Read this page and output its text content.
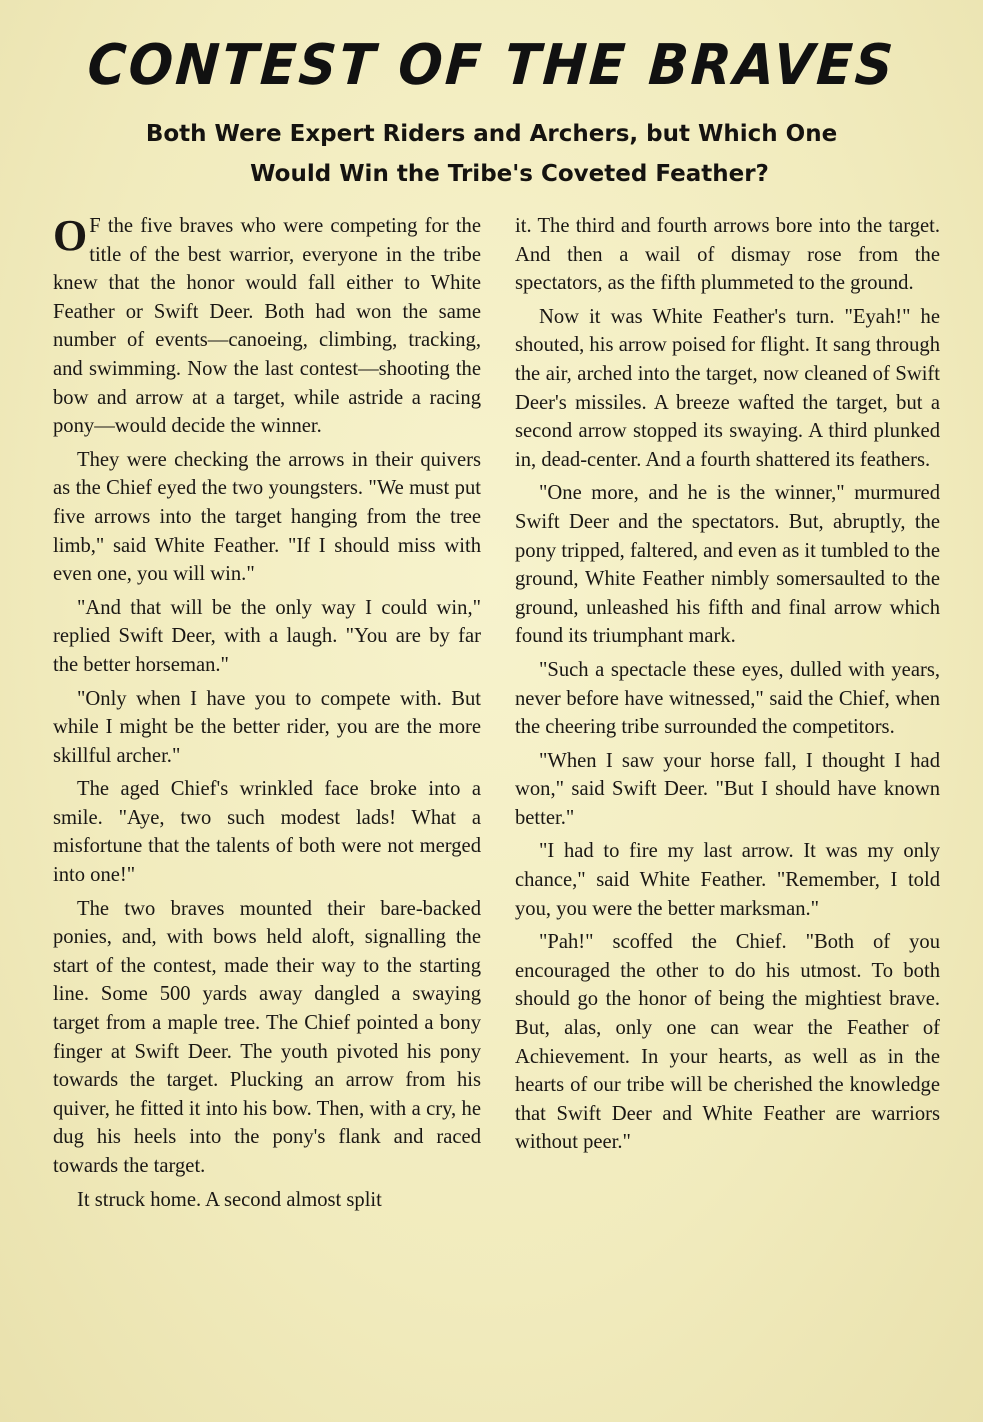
CONTEST OF THE BRAVES
Both Were Expert Riders and Archers, but Which One
Would Win the Tribe's Coveted Feather?

O F the five braves who were competing for the title of the best warrior, everyone in the tribe knew that the honor would fall either to White Feather or Swift Deer. Both had won the same number of events—canoeing, climbing, tracking, and swimming. Now the last contest—shooting the bow and arrow at a target, while astride a racing pony—would decide the winner.

They were checking the arrows in their quivers as the Chief eyed the two youngsters. "We must put five arrows into the target hanging from the tree limb," said White Feather. "If I should miss with even one, you will win."

"And that will be the only way I could win," replied Swift Deer, with a laugh. "You are by far the better horseman."

"Only when I have you to compete with. But while I might be the better rider, you are the more skillful archer."

The aged Chief's wrinkled face broke into a smile. "Aye, two such modest lads! What a misfortune that the talents of both were not merged into one!"

The two braves mounted their bare-backed ponies, and, with bows held aloft, signalling the start of the contest, made their way to the starting line. Some 500 yards away dangled a swaying target from a maple tree. The Chief pointed a bony finger at Swift Deer. The youth pivoted his pony towards the target. Plucking an arrow from his quiver, he fitted it into his bow. Then, with a cry, he dug his heels into the pony's flank and raced towards the target.

It struck home. A second almost split

it. The third and fourth arrows bore into the target. And then a wail of dismay rose from the spectators, as the fifth plummeted to the ground.

Now it was White Feather's turn. "Eyah!" he shouted, his arrow poised for flight. It sang through the air, arched into the target, now cleaned of Swift Deer's missiles. A breeze wafted the target, but a second arrow stopped its swaying. A third plunked in, dead-center. And a fourth shattered its feathers.

"One more, and he is the winner," murmured Swift Deer and the spectators. But, abruptly, the pony tripped, faltered, and even as it tumbled to the ground, White Feather nimbly somersaulted to the ground, unleashed his fifth and final arrow which found its triumphant mark.

"Such a spectacle these eyes, dulled with years, never before have witnessed," said the Chief, when the cheering tribe surrounded the competitors.

"When I saw your horse fall, I thought I had won," said Swift Deer. "But I should have known better."

"I had to fire my last arrow. It was my only chance," said White Feather. "Remember, I told you, you were the better marksman."

"Pah!" scoffed the Chief. "Both of you encouraged the other to do his utmost. To both should go the honor of being the mightiest brave. But, alas, only one can wear the Feather of Achievement. In your hearts, as well as in the hearts of our tribe will be cherished the knowledge that Swift Deer and White Feather are warriors without peer."
